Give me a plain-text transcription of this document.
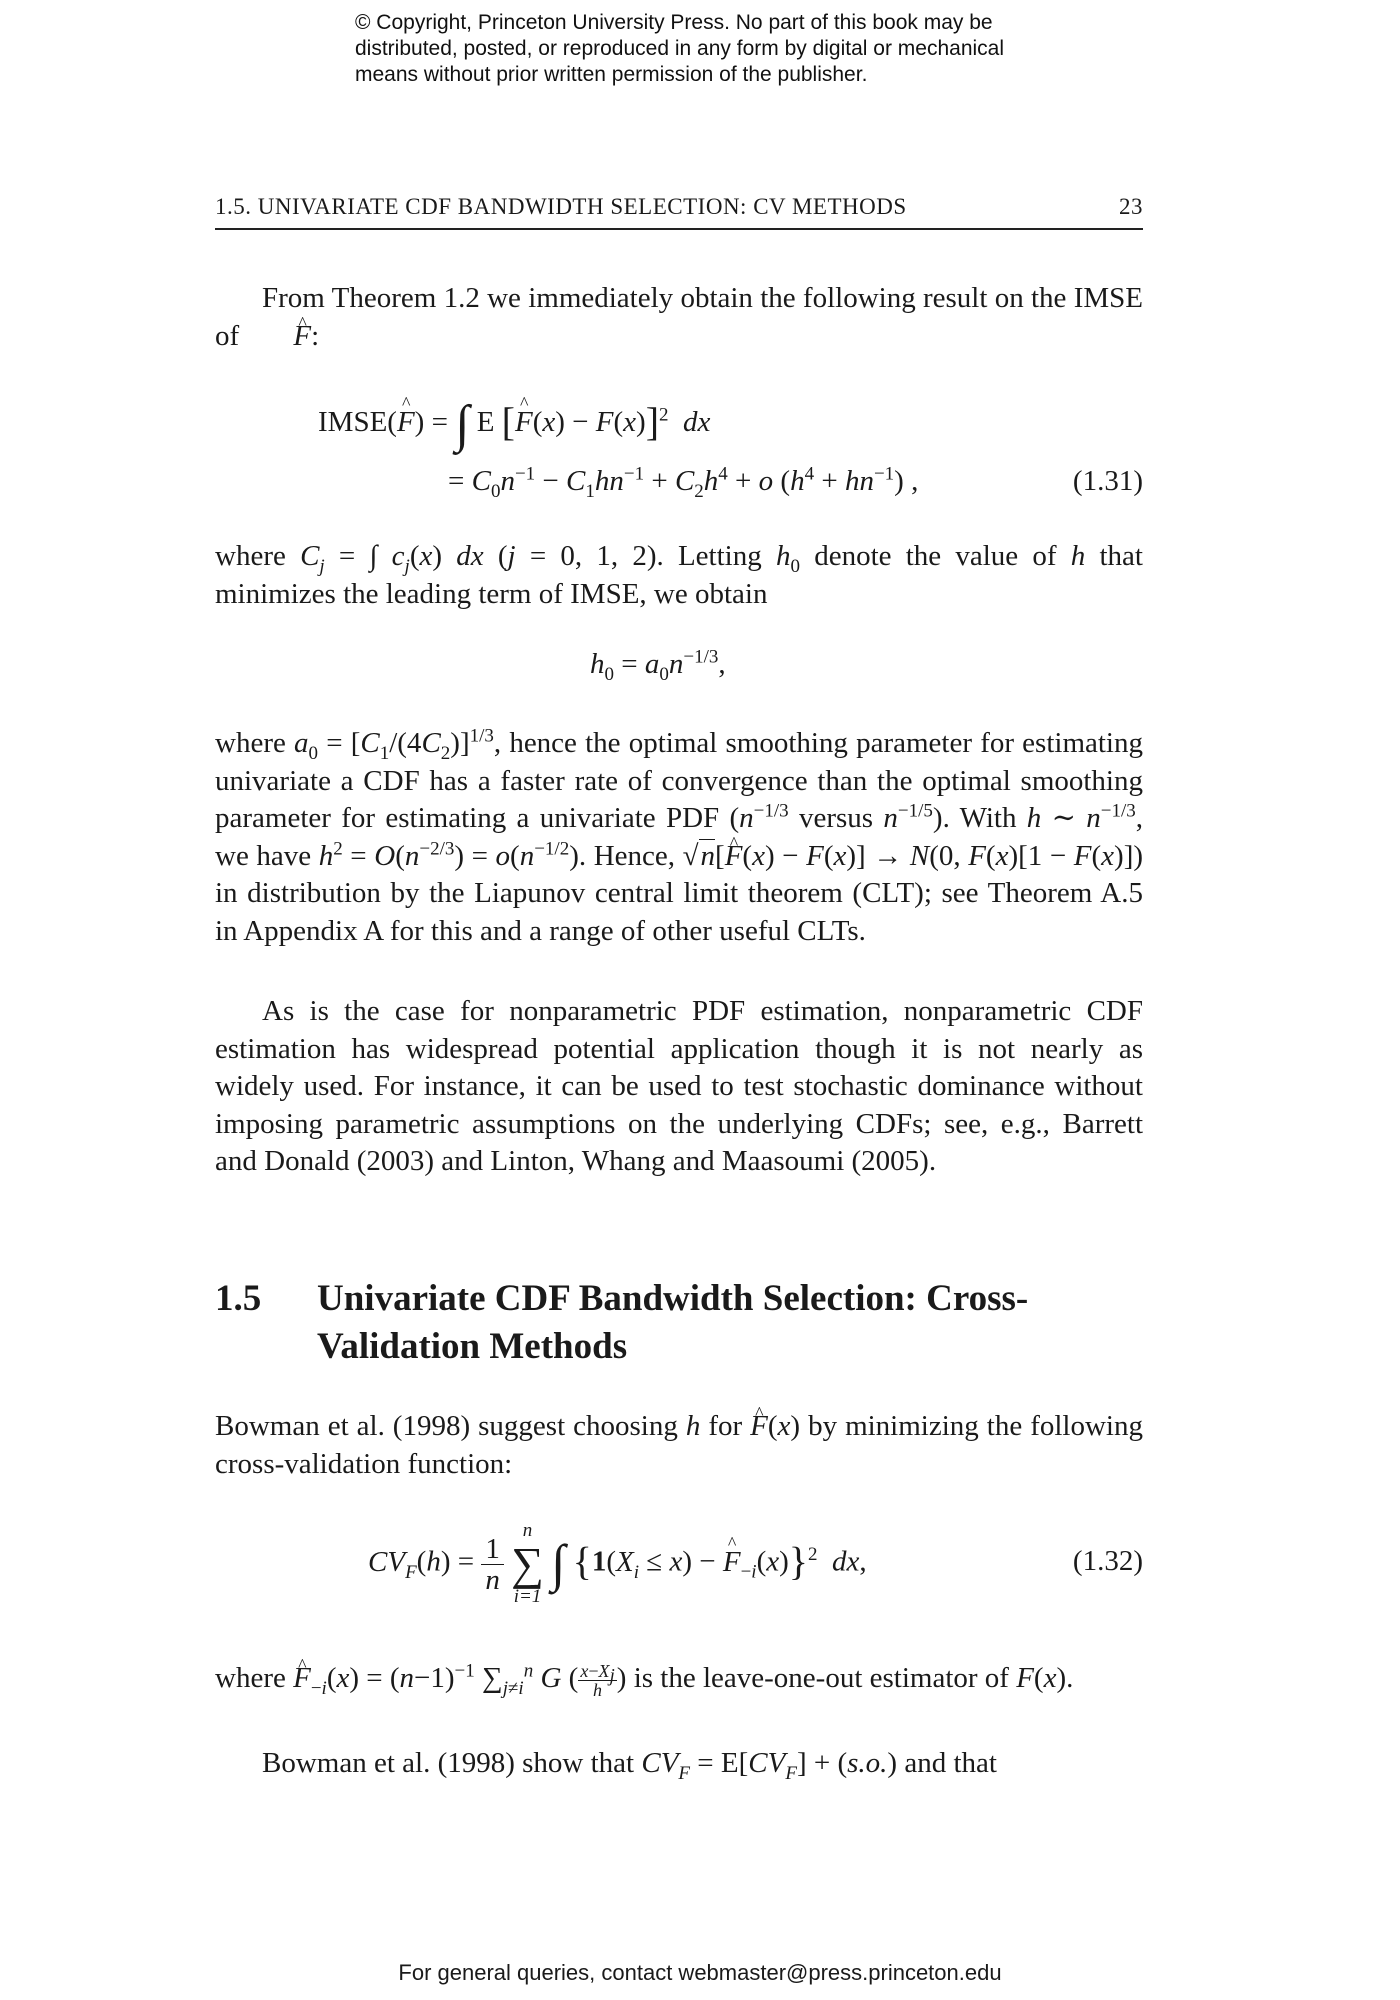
© Copyright, Princeton University Press. No part of this book may be
distributed, posted, or reproduced in any form by digital or mechanical
means without prior written permission of the publisher.
1.5. UNIVARIATE CDF BANDWIDTH SELECTION: CV METHODS	23
From Theorem 1.2 we immediately obtain the following result on the IMSE of ^ F:
IMSE(^ F) = ∫ E [^ F(x) − F(x)]$^2$ dx
= $C_0n^{-1} - C_1hn^{-1} + C_2h^4 + o$ $(h^4 + hn^{-1})$ ,	(1.31)
where $C_j$ = ∫ $c_j(x)$ dx (j = 0, 1, 2). Letting $h_0$ denote the value of h that minimizes the leading term of IMSE, we obtain
$h_0 = a_0n^{-1/3}$,
where $a_0 = [C_1/(4C_2)]^{1/3}$, hence the optimal smoothing parameter for estimating univariate a CDF has a faster rate of convergence than the optimal smoothing parameter for estimating a univariate PDF ($n^{-1/3}$ versus $n^{-1/5}$). With h ∼ $n^{-1/3}$, we have $h^2 = O(n^{-2/3}) = o(n^{-1/2})$. Hence, √n[^ F(x) − F(x)] → N(0, F(x)[1 − F(x)]) in distribution by the Liapunov central limit theorem (CLT); see Theorem A.5 in Appendix A for this and a range of other useful CLTs.
As is the case for nonparametric PDF estimation, nonparametric CDF estimation has widespread potential application though it is not nearly as widely used. For instance, it can be used to test stochastic dominance without imposing parametric assumptions on the underlying CDFs; see, e.g., Barrett and Donald (2003) and Linton, Whang and Maasoumi (2005).
1.5 Univariate CDF Bandwidth Selection: Cross-Validation Methods
Bowman et al. (1998) suggest choosing h for ^ F(x) by minimizing the following cross-validation function:
$CV_F(h) = \frac{1}{n}$

n
∑
i=1
∫ {$1(X_i \le x)$ − ^ $F_{-i}(x)\}^2$ dx,	(1.32)
where ^ $F_{-i}(x) = (n-1)^{-1}$ $\sum_{j\ne i}^n$ G ( $\frac{x-X_j}{h}$ ) is the leave-one-out estimator of F(x).
Bowman et al. (1998) show that $CV_F = E[CV_F] + (s.o.)$ and that
For general queries, contact webmaster@press.princeton.edu
